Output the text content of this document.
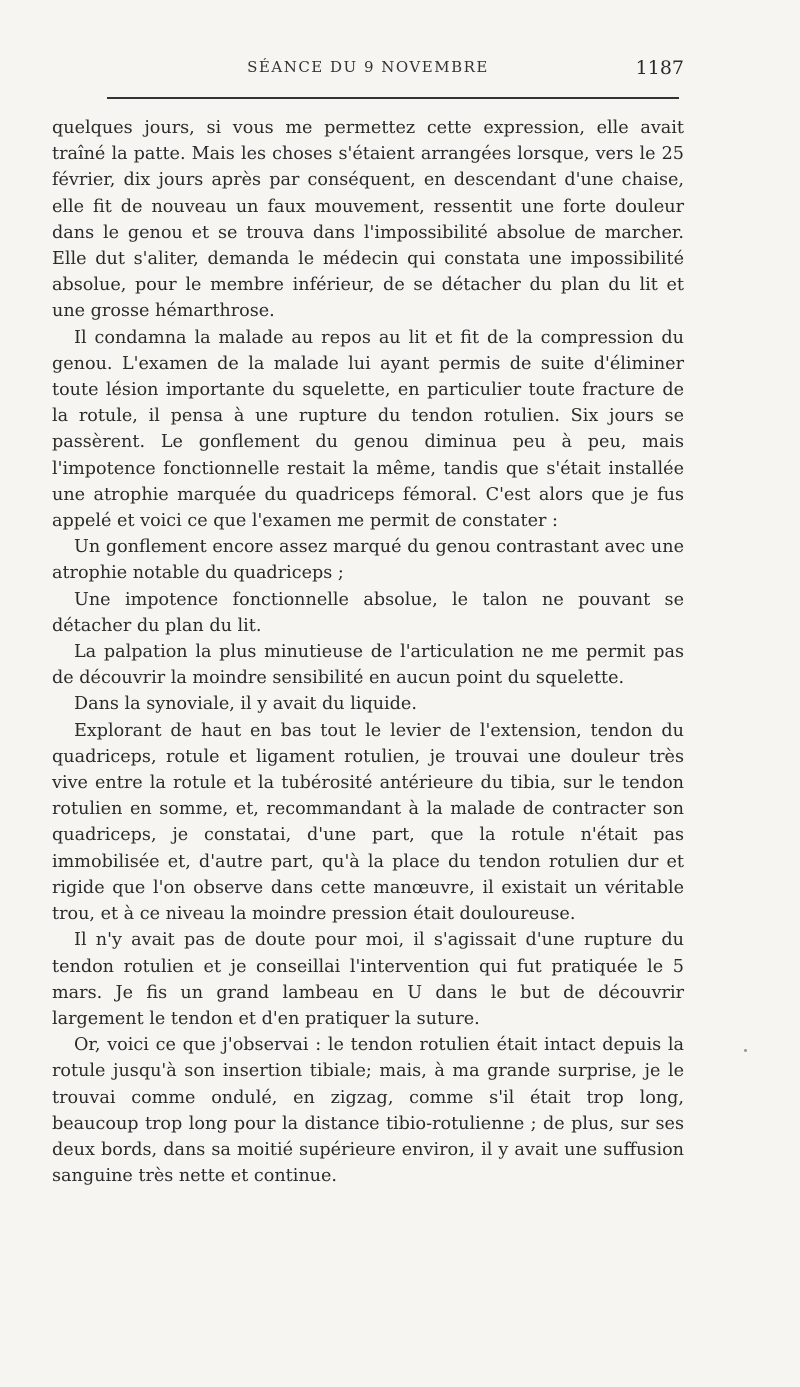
SÉANCE DU 9 NOVEMBRE	1187

quelques jours, si vous me permettez cette expression, elle avait traîné la patte. Mais les choses s'étaient arrangées lorsque, vers le 25 février, dix jours après par conséquent, en descendant d'une chaise, elle fit de nouveau un faux mouvement, ressentit une forte douleur dans le genou et se trouva dans l'impossibilité absolue de marcher. Elle dut s'aliter, demanda le médecin qui constata une impossibilité absolue, pour le membre inférieur, de se détacher du plan du lit et une grosse hémarthrose.

Il condamna la malade au repos au lit et fit de la compression du genou. L'examen de la malade lui ayant permis de suite d'éliminer toute lésion importante du squelette, en particulier toute fracture de la rotule, il pensa à une rupture du tendon rotulien. Six jours se passèrent. Le gonflement du genou diminua peu à peu, mais l'impotence fonctionnelle restait la même, tandis que s'était installée une atrophie marquée du quadriceps fémoral. C'est alors que je fus appelé et voici ce que l'examen me permit de constater :

Un gonflement encore assez marqué du genou contrastant avec une atrophie notable du quadriceps ;

Une impotence fonctionnelle absolue, le talon ne pouvant se détacher du plan du lit.

La palpation la plus minutieuse de l'articulation ne me permit pas de découvrir la moindre sensibilité en aucun point du squelette.

Dans la synoviale, il y avait du liquide.

Explorant de haut en bas tout le levier de l'extension, tendon du quadriceps, rotule et ligament rotulien, je trouvai une douleur très vive entre la rotule et la tubérosité antérieure du tibia, sur le tendon rotulien en somme, et, recommandant à la malade de contracter son quadriceps, je constatai, d'une part, que la rotule n'était pas immobilisée et, d'autre part, qu'à la place du tendon rotulien dur et rigide que l'on observe dans cette manœuvre, il existait un véritable trou, et à ce niveau la moindre pression était douloureuse.

Il n'y avait pas de doute pour moi, il s'agissait d'une rupture du tendon rotulien et je conseillai l'intervention qui fut pratiquée le 5 mars. Je fis un grand lambeau en U dans le but de découvrir largement le tendon et d'en pratiquer la suture.

Or, voici ce que j'observai : le tendon rotulien était intact depuis la rotule jusqu'à son insertion tibiale; mais, à ma grande surprise, je le trouvai comme ondulé, en zigzag, comme s'il était trop long, beaucoup trop long pour la distance tibio-rotulienne ; de plus, sur ses deux bords, dans sa moitié supérieure environ, il y avait une suffusion sanguine très nette et continue.
